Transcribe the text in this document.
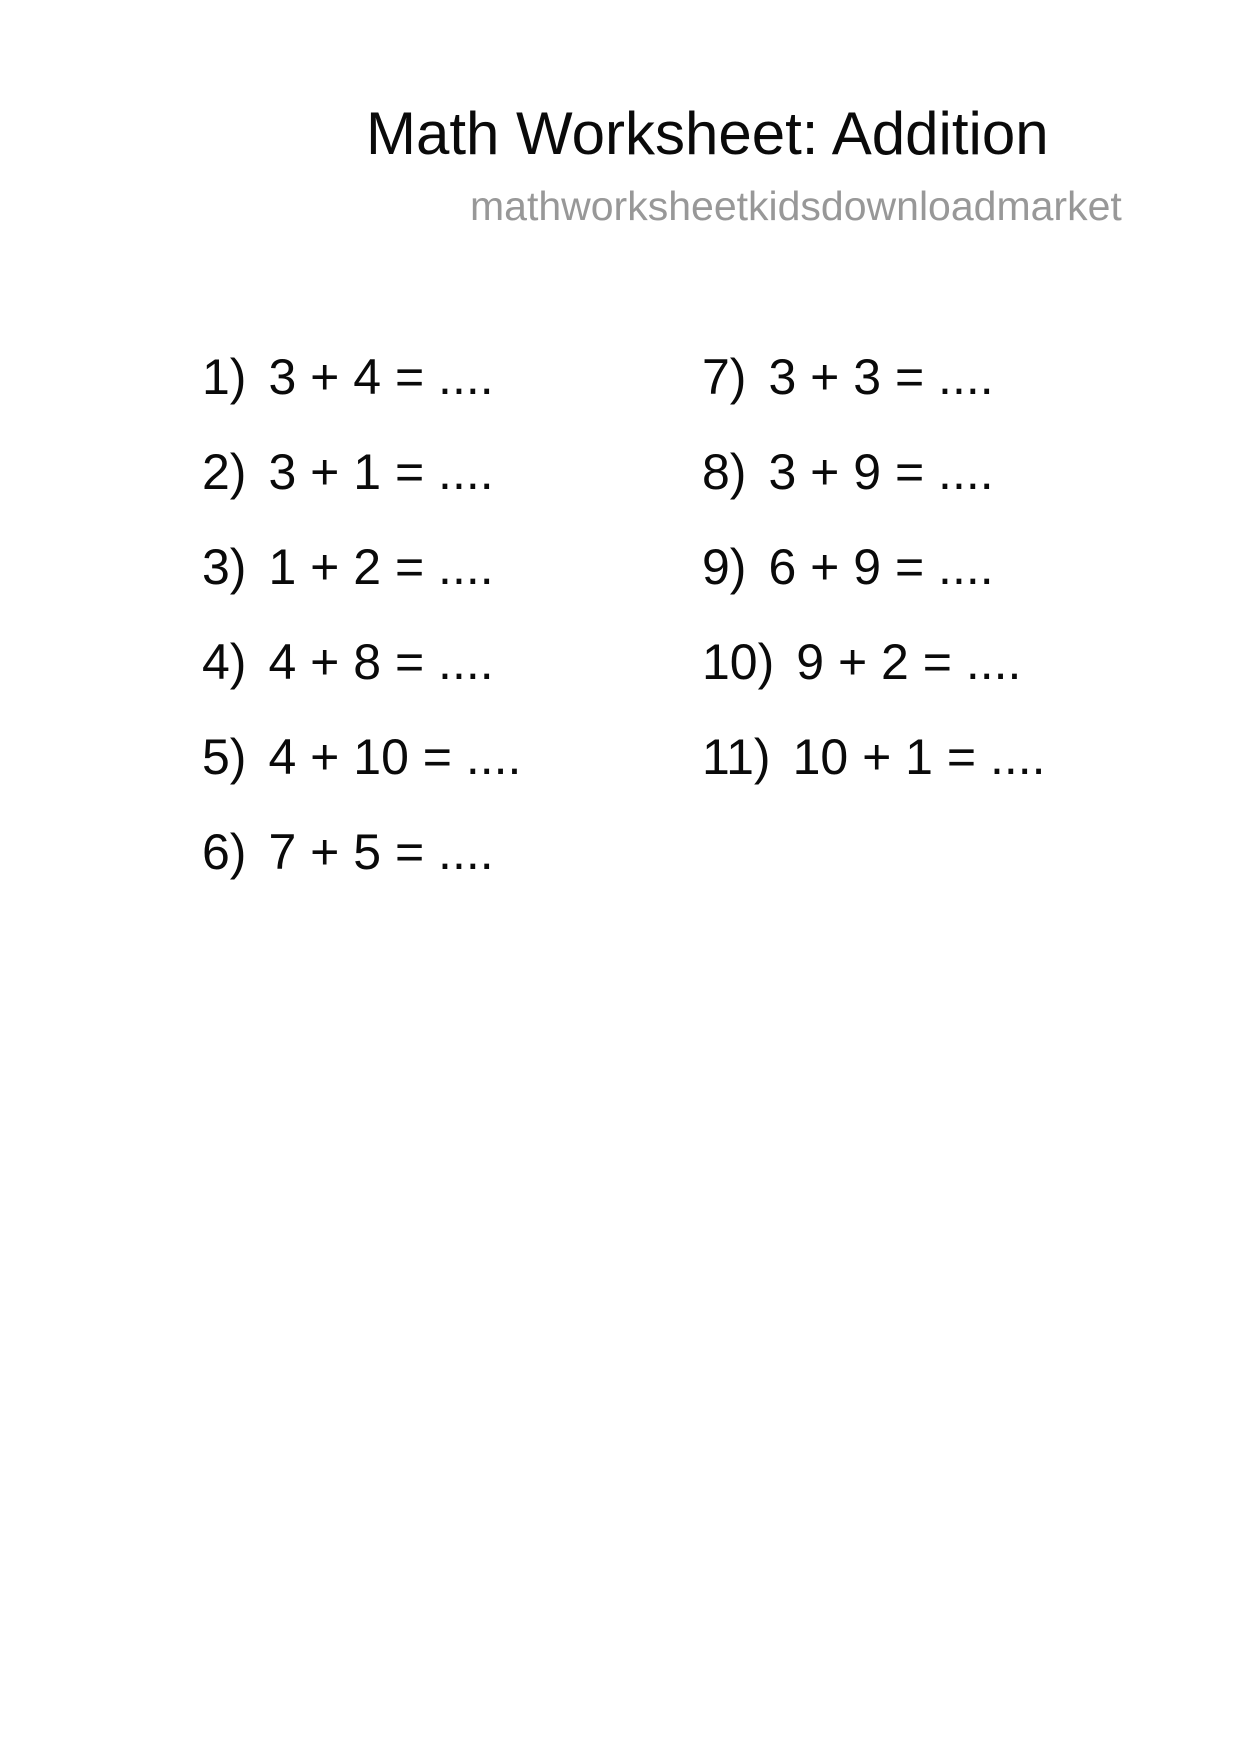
Math Worksheet: Addition
mathworksheetkidsdownloadmarket
1) 3 + 4 = ....
2) 3 + 1 = ....
3) 1 + 2 = ....
4) 4 + 8 = ....
5) 4 + 10 = ....
6) 7 + 5 = ....
7) 3 + 3 = ....
8) 3 + 9 = ....
9) 6 + 9 = ....
10) 9 + 2 = ....
11) 10 + 1 = ....
